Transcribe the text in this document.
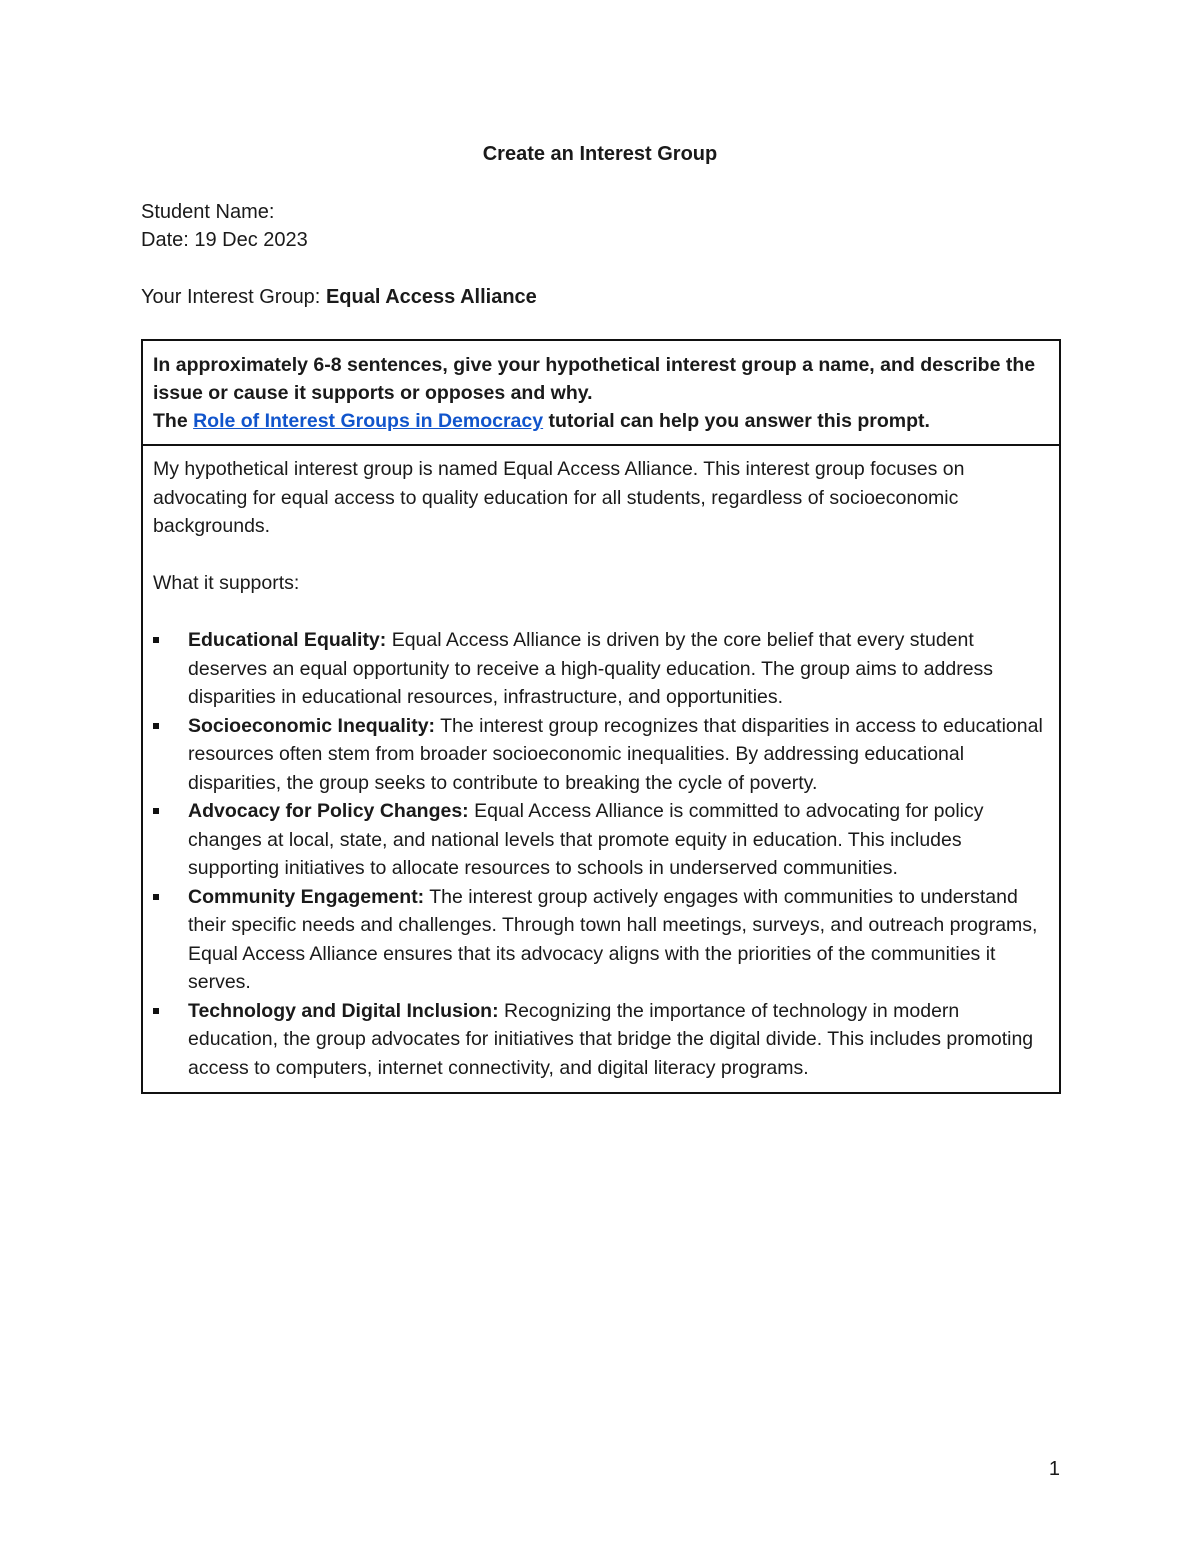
Create an Interest Group
Student Name:
Date: 19 Dec 2023
Your Interest Group: Equal Access Alliance
In approximately 6-8 sentences, give your hypothetical interest group a name, and describe the issue or cause it supports or opposes and why.
The Role of Interest Groups in Democracy tutorial can help you answer this prompt.

My hypothetical interest group is named Equal Access Alliance. This interest group focuses on advocating for equal access to quality education for all students, regardless of socioeconomic backgrounds.

What it supports:

Educational Equality: Equal Access Alliance is driven by the core belief that every student deserves an equal opportunity to receive a high-quality education. The group aims to address disparities in educational resources, infrastructure, and opportunities.
Socioeconomic Inequality: The interest group recognizes that disparities in access to educational resources often stem from broader socioeconomic inequalities. By addressing educational disparities, the group seeks to contribute to breaking the cycle of poverty.
Advocacy for Policy Changes: Equal Access Alliance is committed to advocating for policy changes at local, state, and national levels that promote equity in education. This includes supporting initiatives to allocate resources to schools in underserved communities.
Community Engagement: The interest group actively engages with communities to understand their specific needs and challenges. Through town hall meetings, surveys, and outreach programs, Equal Access Alliance ensures that its advocacy aligns with the priorities of the communities it serves.
Technology and Digital Inclusion: Recognizing the importance of technology in modern education, the group advocates for initiatives that bridge the digital divide. This includes promoting access to computers, internet connectivity, and digital literacy programs.
1
